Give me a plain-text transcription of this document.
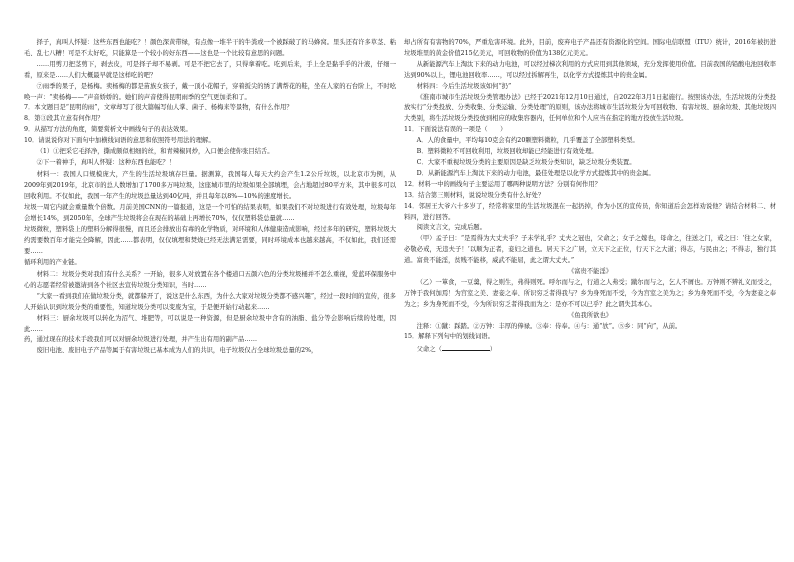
择子，真叫人怀疑：这些东西也能吃？！颜色深黄带绿，有点像一堆半干的牛粪或一个被踩破了的马蜂窝。里头还有许多草茎、粘毛、乱七八糟！可是不太好吃，只能算是一个较小的好东西——这也是一个比较有意思的问题。

……用剪刀把茎剪下，剥去皮，可是择子却不易剥。可是不把它去了，只得拿着吃。吃到后来，手上全是黏乎乎的汁液，仔细一看，原来是……人们大概最早就是这样吃的吧？

⑦雨季的果子，是杨梅。卖杨梅的都是苗族女孩子，戴一顶小花帽子，穿着扳尖的绣了满帮花的鞋，坐在人家的石台阶上，不时吆唤一声：“卖杨梅——”声音娇娇的。她们的声音使得昆明雨季的空气更加柔和了。

7．本文题目是“昆明的雨”，文章却写了很大篇幅写仙人掌、菌子、杨梅来等景物，有什么作用？

8．第③段其立意有何作用？

9．从描写方法的角度，简要赏析文中画线句子的表达效果。

10．请说说你对下面句中加横线词语的意思和依照符号用法的理解。

（1）①把采它毛择净，撕成颇似相细的丝，和青辣椒同炒，入口便会使你张目结舌。

②下一着神手，真叫人怀疑：这种东西也能吃？！

材料一：我国人口规模庞大，产生的生活垃圾填存巨量。据测算，我国每人每天大约会产生1.2公斤垃圾，以北京市为例，从2009年到2019年，北京市的总人数增加了1700多万吨垃圾，这座城市里的垃圾如果全部填埋，会占地超过80平方米，其中很多可以回收利用。不仅如此，我国一年产生的垃圾总量达到40亿吨，并且每年以8%—10%的速度增长。

垃圾一周它内就会重量数个倍数。月前美国CNN的一篇报道，这是一个可怕的结果表明，如果我们不对垃圾进行有效处理，垃圾每年会增长14%，到2050年，全球产生垃圾将会在现在的基础上再增长70%，仅仅塑料袋总量就……

垃圾微粒，塑料袋上的塑料分解得很慢，而且还会排放出有毒的化学物质，对环境和人体健康造成影响，经过多年的研究，塑料垃圾大约需要数百年才能完全降解，因此……都表明，仅仅填埋和焚烧已经无法满足需要，同时环境成本也越来越高，不仅如此，我们还需要……

循环利用的产业链。

材料二：垃圾分类对我们有什么关系？一开始，很多人对放置在各个楼道口五颜六色的分类垃圾桶并不怎么重视，爱蓝环保服务中心的志愿者经常被邀请到各个社区去宣传垃圾分类知识，当时……

“大家一看到我们在做垃圾分类，就都躲开了，说这是什么东西，为什么大家对垃圾分类都不感兴趣”，经过一段时间的宣传，很多人开始认识到垃圾分类的重要性，知道垃圾分类可以变废为宝，于是便开始行动起来……

材料三：厨余垃圾可以转化为沼气、堆肥等，可以说是一种资源，但是厨余垃圾中含有的油脂、盐分等会影响后续的处理，因此……

药，通过现在的技术手段我们可以对厨余垃圾进行处理，并产生出有用的副产品……

废旧电池、废旧电子产品等属于有害垃圾已基本成为人们的共识，电子垃圾仅占全球垃圾总量的2%，

却占所有有害物的70%，严重危害环境。此外，目前，废弃电子产品还有资源化的空间。国际电信联盟（ITU）统计，2016年被扔进垃圾堆里的黄金价值215亿美元，可回收物的价值为138亿元美元。

从新能源汽车上淘汰下来的动力电池，可以经过梯次利用的方式应用到其他领域，充分发挥使用价值。目前我国的铅酸电池回收率达到90%以上，锂电池回收率……，可以经过拆解再生，以化学方式提炼其中的贵金属。

材料四：今后生活垃圾该如何“扔”

《淮南市城市生活垃圾分类管理办法》已经于2021年12月10日通过，自2022年3月1日起施行。按照该办法，生活垃圾的分类投放实行“分类投放、分类收集、分类运输、分类处理”的原则，该办法将城市生活垃圾分为可回收物、有害垃圾、厨余垃圾、其他垃圾四大类别，将生活垃圾分类投放到相应的收集容器内，任何单位和个人应当在指定的地方投放生活垃圾。

11．下面说法有误的一项是（　　）

A．人的食量中，平均每10克会有约20颗塑料微粒，几乎覆盖了全部塑料类型。

B．塑料微粒不可回收利用，垃圾回收却能已经能进行有效处理。

C．大家不重视垃圾分类的主要原因是缺乏垃圾分类知识，缺乏垃圾分类装置。

D．从新能源汽车上淘汰下来的动力电池，最佳处理是以化学方式提炼其中的贵金属。

12．材料一中的画线句子主要运用了哪两种说明方法？分别有何作用？

13．结合第三则材料，说说垃圾分类有什么好处？

14．邻居王大爷六十多岁了，经常将家里的生活垃圾混在一起扔掉，作为小区的宣传员，你知道后会怎样劝说他？请结合材料二、材料四，进行回答。

阅读文言文，完成后题。

（甲）孟子曰：“是焉得为大丈夫乎？子未学礼乎？丈夫之冠也，父命之；女子之嫁也，母命之，往送之门，戒之曰：‘往之女家，必敬必戒，无违夫子！’以顺为正者，妾妇之道也。居天下之广居，立天下之正位，行天下之大道；得志，与民由之；不得志，独行其道。富贵不能淫，贫贱不能移，威武不能屈，此之谓大丈夫。”

《富贵不能淫》

（乙）一箪食，一豆羹，得之则生，弗得则死。呼尔而与之，行道之人弗受；蹴尔而与之，乞人不屑也。万钟则不辨礼义而受之，万钟于我何加焉！为宫室之美、妻妾之奉、所识穷乏者得我与？乡为身死而不受，今为宫室之美为之；乡为身死而不受，今为妻妾之奉为之；乡为身死而不受，今为所识穷乏者得我而为之：是亦不可以已乎？此之谓失其本心。

《鱼我所欲也》

注释：①蹴：踩踏。②万钟：丰厚的俸禄。③奉：侍奉。④与：通“欤”。⑤乡：同“向”，从前。

15．解释下列句中的划线词语。

父命之（	）
